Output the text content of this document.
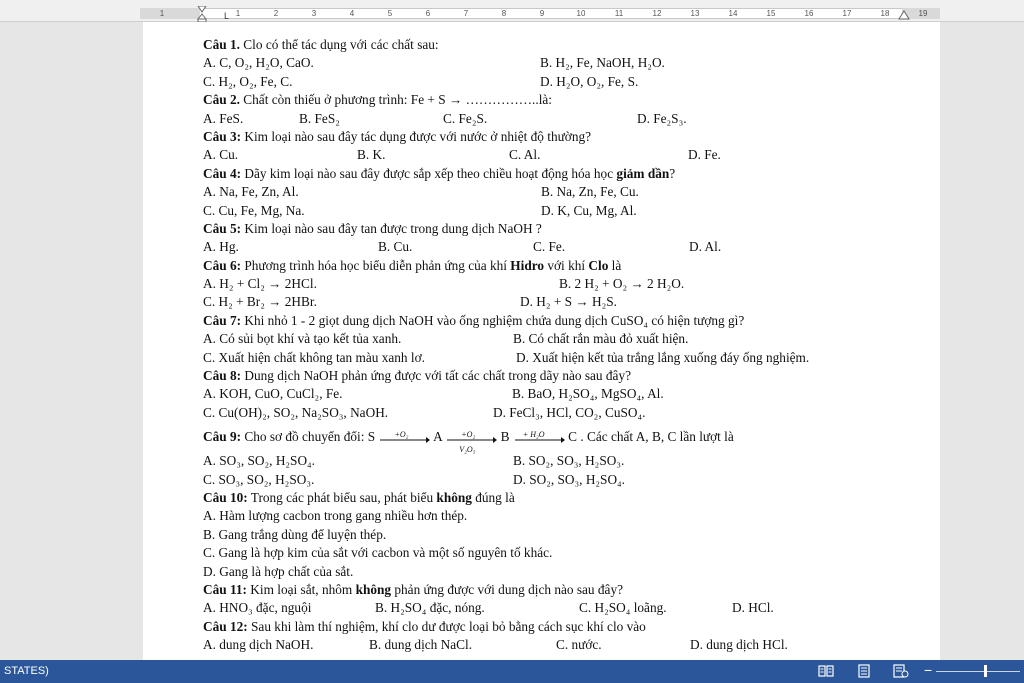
1	1	2	3	4	5	6	7	8	9	10	11	12	13	14	15	16	17	18	19
L
Câu 1. Clo có thể tác dụng với các chất sau:
A. C, O₂, H₂O, CaO.	B. H₂, Fe, NaOH, H₂O.
C. H₂, O₂, Fe, C.	D. H₂O, O₂, Fe, S.
Câu 2. Chất còn thiếu ở phương trình: Fe + S → ……………..là:
A. FeS.	B. FeS₂	C. Fe₂S.	D. Fe₂S₃.
Câu 3: Kim loại nào sau đây tác dụng được với nước ở nhiệt độ thường?
A. Cu.	B. K.	C. Al.	D. Fe.
Câu 4: Dãy kim loại nào sau đây được sắp xếp theo chiều hoạt động hóa học giảm dần?
A. Na, Fe, Zn, Al.	B. Na, Zn, Fe, Cu.
C. Cu, Fe, Mg, Na.	D. K, Cu, Mg, Al.
Câu 5: Kim loại nào sau đây tan được trong dung dịch NaOH ?
A. Hg.	B. Cu.	C. Fe.	D. Al.
Câu 6: Phương trình hóa học biểu diễn phản ứng của khí Hidro với khí Clo là
A. H₂ + Cl₂ → 2HCl.	B. 2 H₂ + O₂ → 2 H₂O.
C. H₂ + Br₂ → 2HBr.	D. H₂ + S → H₂S.
Câu 7: Khi nhỏ 1 - 2 giọt dung dịch NaOH vào ống nghiệm chứa dung dịch CuSO₄ có hiện tượng gì?
A. Có sủi bọt khí và tạo kết tủa xanh.	B. Có chất rắn màu đỏ xuất hiện.
C. Xuất hiện chất không tan màu xanh lơ.	D. Xuất hiện kết tủa trắng lắng xuống đáy ống nghiệm.
Câu 8: Dung dịch NaOH phản ứng được với tất các chất trong dãy nào sau đây?
A. KOH, CuO, CuCl₂, Fe.	B. BaO, H₂SO₄, MgSO₄, Al.
C. Cu(OH)₂, SO₂, Na₂SO₃, NaOH.	D. FeCl₃, HCl, CO₂, CuSO₄.
Câu 9: Cho sơ đồ chuyển đổi: S +O₂ A +O₂
V₂O₅
B + H₂O C . Các chất A, B, C lần lượt là
A. SO₃, SO₂, H₂SO₄.	B. SO₂, SO₃, H₂SO₃.
C. SO₃, SO₂, H₂SO₃.	D. SO₂, SO₃, H₂SO₄.
Câu 10: Trong các phát biểu sau, phát biểu không đúng là
A. Hàm lượng cacbon trong gang nhiều hơn thép.
B. Gang trắng dùng để luyện thép.
C. Gang là hợp kim của sắt với cacbon và một số nguyên tố khác.
D. Gang là hợp chất của sắt.
Câu 11: Kim loại sắt, nhôm không phản ứng được với dung dịch nào sau đây?
A. HNO₃ đặc, nguội	B. H₂SO₄ đặc, nóng.	C. H₂SO₄ loãng.	D. HCl.
Câu 12: Sau khi làm thí nghiệm, khí clo dư được loại bỏ bằng cách sục khí clo vào
A. dung dịch NaOH.	B. dung dịch NaCl.	C. nước.	D. dung dịch HCl.
STATES)	−
